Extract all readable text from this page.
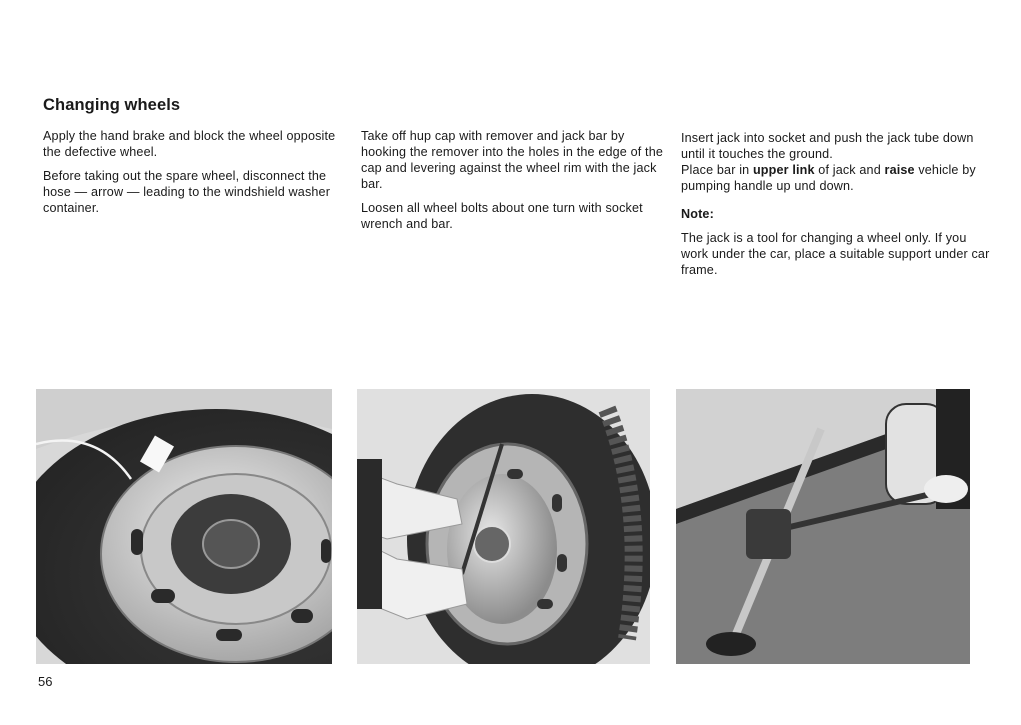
Changing wheels

Apply the hand brake and block the wheel opposite the defective wheel.

Before taking out the spare wheel, disconnect the hose — arrow — leading to the windshield washer container.

Take off hup cap with remover and jack bar by hooking the remover into the holes in the edge of the cap and levering against the wheel rim with the jack bar.

Loosen all wheel bolts about one turn with socket wrench and bar.

Insert jack into socket and push the jack tube down until it touches the ground.

Place bar in upper link of jack and raise vehicle by pumping handle up und down.

Note:

The jack is a tool for changing a wheel only. If you work under the car, place a suitable support under car frame.

56
